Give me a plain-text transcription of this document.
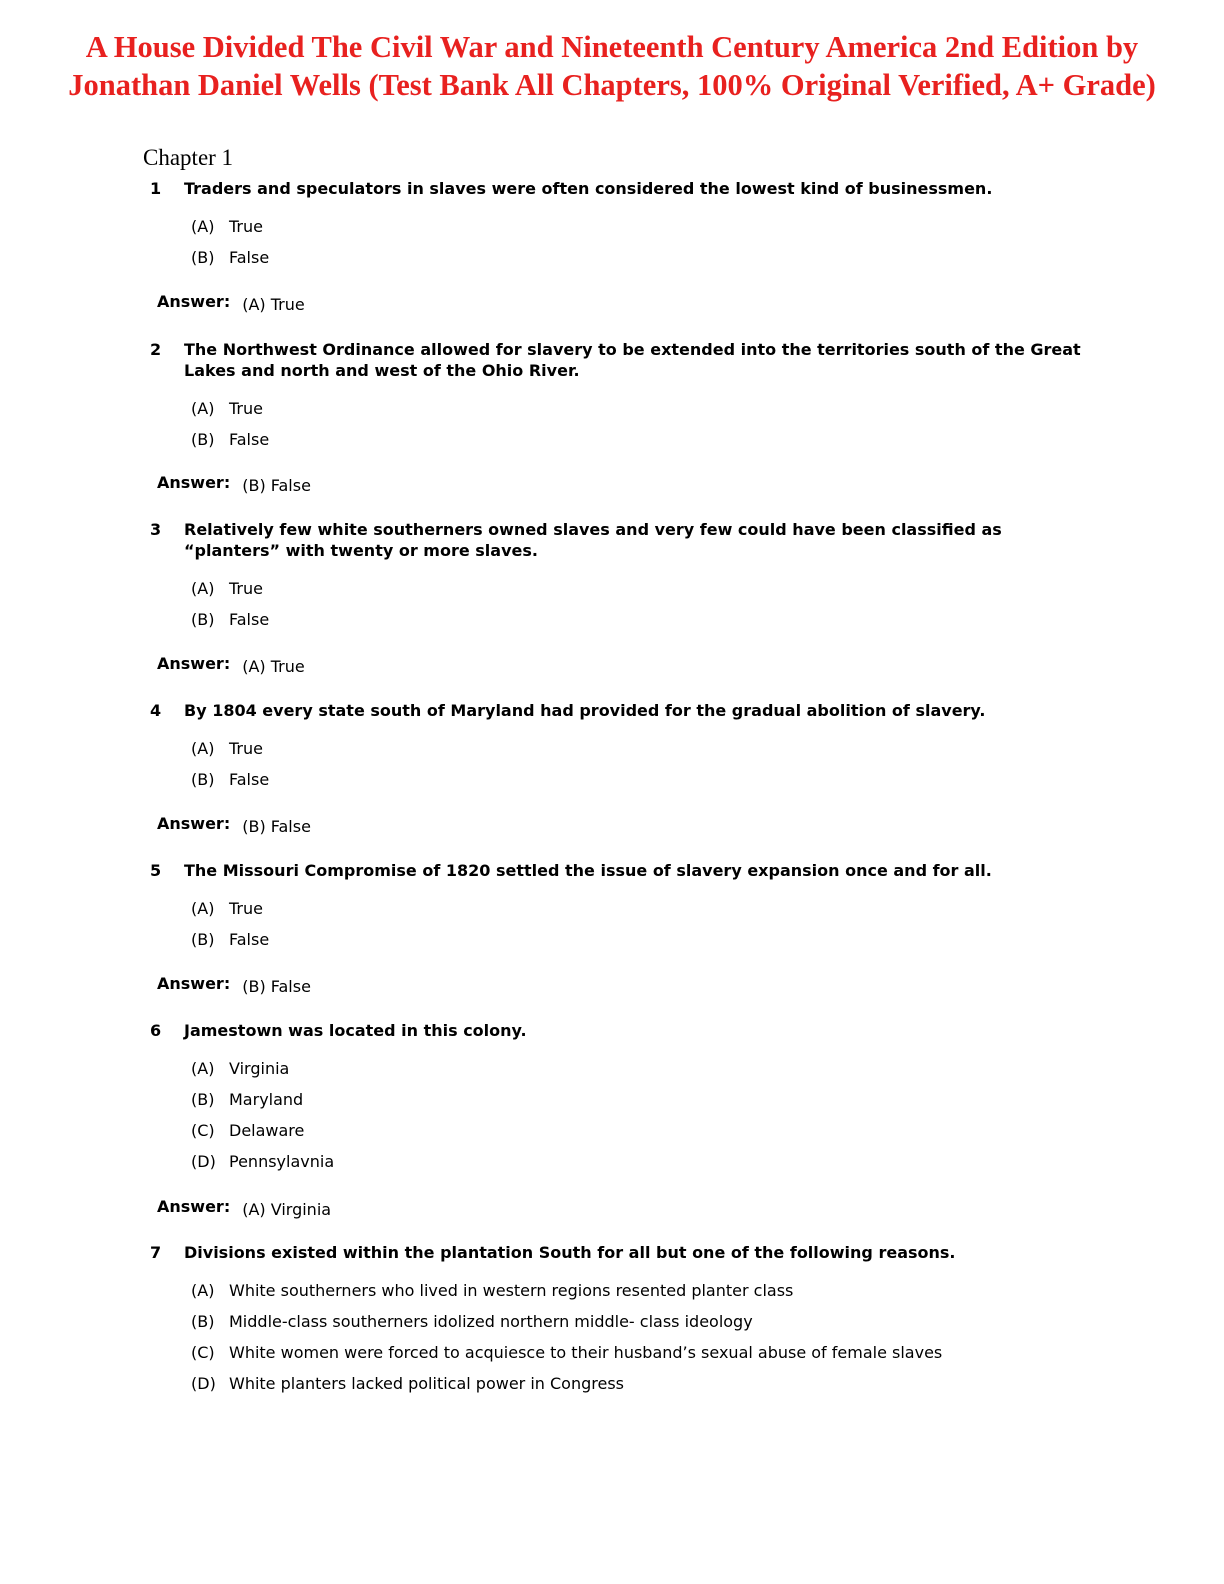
A House Divided The Civil War and Nineteenth Century America 2nd Edition by
Jonathan Daniel Wells (Test Bank All Chapters, 100% Original Verified, A+ Grade)
Chapter 1
1 Traders and speculators in slaves were often considered the lowest kind of businessmen.
(A) True
(B) False
Answer: (A) True
2 The Northwest Ordinance allowed for slavery to be extended into the territories south of the Great Lakes and north and west of the Ohio River.
(A) True
(B) False
Answer: (B) False
3 Relatively few white southerners owned slaves and very few could have been classified as “planters” with twenty or more slaves.
(A) True
(B) False
Answer: (A) True
4 By 1804 every state south of Maryland had provided for the gradual abolition of slavery.
(A) True
(B) False
Answer: (B) False
5 The Missouri Compromise of 1820 settled the issue of slavery expansion once and for all.
(A) True
(B) False
Answer: (B) False
6 Jamestown was located in this colony.
(A) Virginia
(B) Maryland
(C) Delaware
(D) Pennsylavnia
Answer: (A) Virginia
7 Divisions existed within the plantation South for all but one of the following reasons.
(A) White southerners who lived in western regions resented planter class
(B) Middle-class southerners idolized northern middle- class ideology
(C) White women were forced to acquiesce to their husband’s sexual abuse of female slaves
(D) White planters lacked political power in Congress
